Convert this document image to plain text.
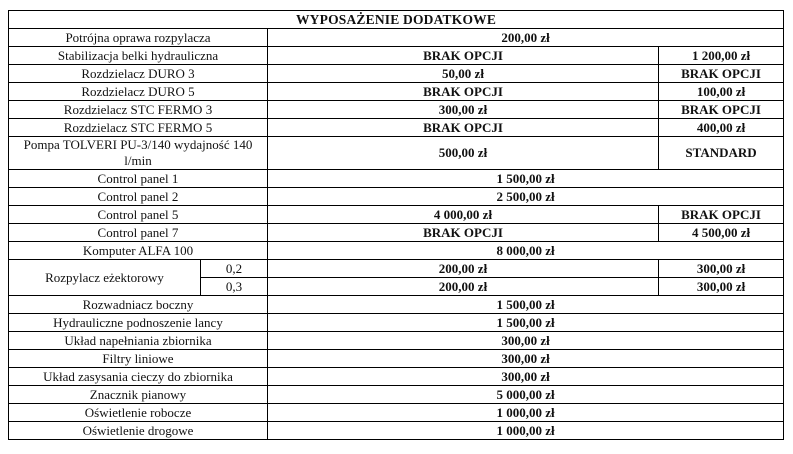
WYPOSAŻENIE DODATKOWE			
Potrójna oprawa rozpylacza		200,00 zł	
Stabilizacja belki hydrauliczna		BRAK OPCJI	1 200,00 zł
Rozdzielacz DURO 3		50,00 zł	BRAK OPCJI
Rozdzielacz DURO 5		BRAK OPCJI	100,00 zł
Rozdzielacz STC FERMO 3		300,00 zł	BRAK OPCJI
Rozdzielacz STC FERMO 5		BRAK OPCJI	400,00 zł
Pompa TOLVERI PU-3/140 wydajność 140 l/min		500,00 zł	STANDARD
Control panel 1		1 500,00 zł	
Control panel 2		2 500,00 zł	
Control panel 5		4 000,00 zł	BRAK OPCJI
Control panel 7		BRAK OPCJI	4 500,00 zł
Komputer ALFA 100		8 000,00 zł	
Rozpylacz eżektorowy	0,2	200,00 zł	300,00 zł
	0,3	200,00 zł	300,00 zł
Rozwadniacz boczny		1 500,00 zł	
Hydrauliczne podnoszenie lancy		1 500,00 zł	
Układ napełniania zbiornika		300,00 zł	
Filtry liniowe		300,00 zł	
Układ zasysania cieczy do zbiornika		300,00 zł	
Znacznik pianowy		5 000,00 zł	
Oświetlenie robocze		1 000,00 zł	
Oświetlenie drogowe		1 000,00 zł	
